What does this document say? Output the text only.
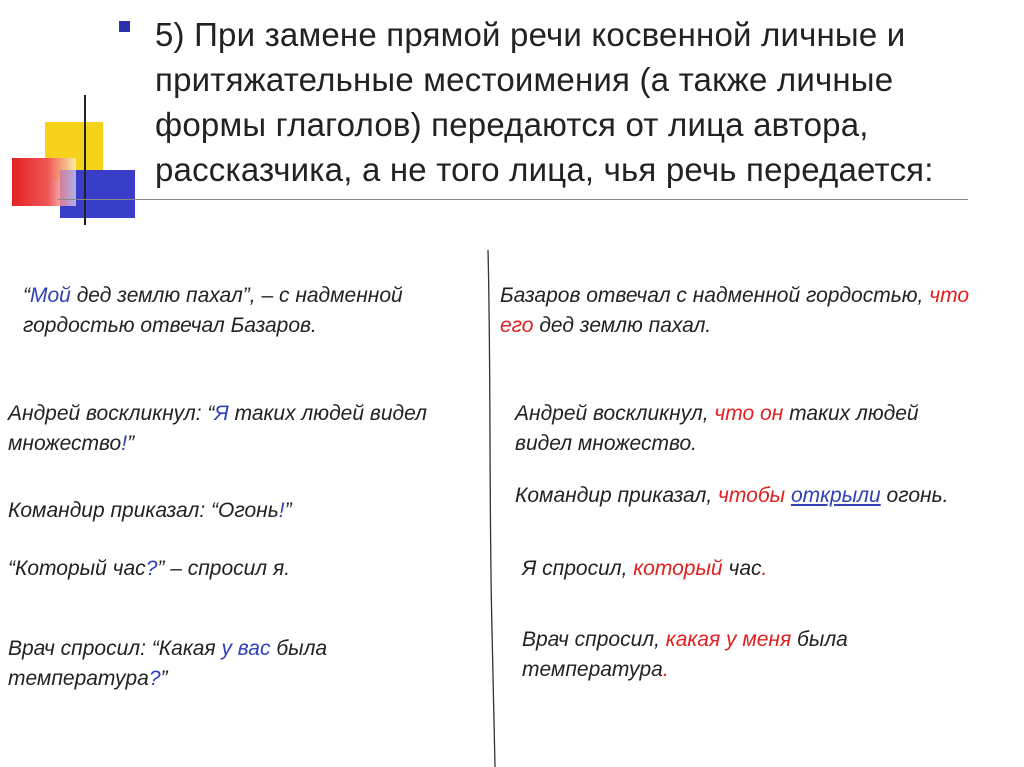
5) При замене прямой речи косвенной личные и притяжательные местоимения (а также личные формы глаголов) передаются от лица автора, рассказчика, а не того лица, чья речь передается:
“Мой дед землю пахал”, – с надменной гордостью отвечал Базаров.
Андрей воскликнул: “Я таких людей видел множество!”
Командир приказал: “Огонь!”
“Который час?” – спросил я.
Врач спросил: “Какая у вас была температура?”
Базаров отвечал с надменной гордостью, что его дед землю пахал.
Андрей воскликнул, что он таких людей видел множество.
Командир приказал, чтобы открыли огонь.
Я спросил, который час.
Врач спросил, какая у меня была температура.
